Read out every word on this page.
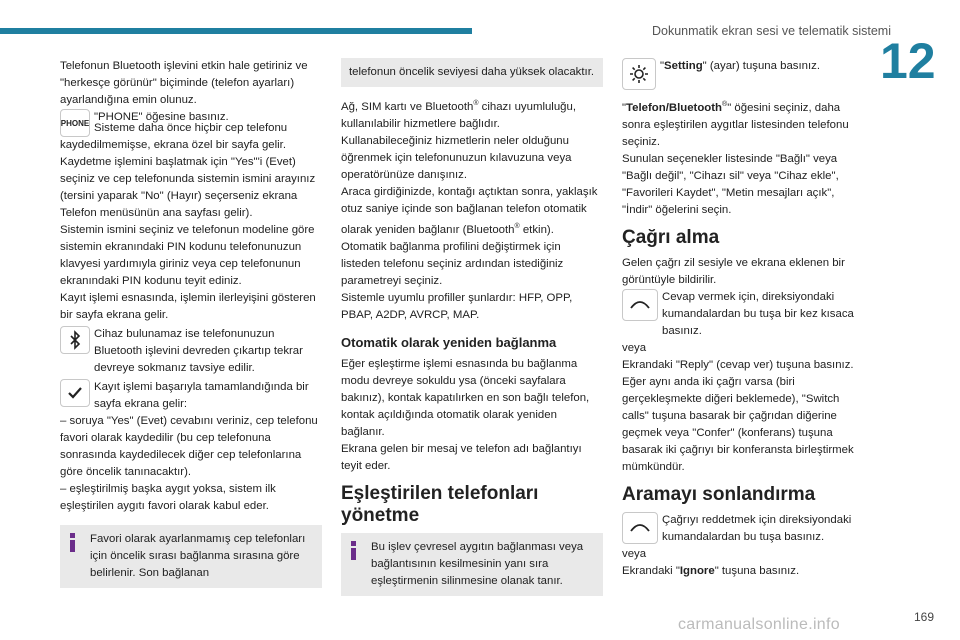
Dokunmatik ekran sesi ve telematik sistemi
12

Telefonun Bluetooth işlevini etkin hale getiriniz ve "herkesçe görünür" biçiminde (telefon ayarları) ayarlandığına emin olunuz.

PHONE "PHONE" öğesine basınız.

Sisteme daha önce hiçbir cep telefonu kaydedilmemişse, ekrana özel bir sayfa gelir.

Kaydetme işlemini başlatmak için "Yes"'i (Evet) seçiniz ve cep telefonunda sistemin ismini arayınız (tersini yaparak "No" (Hayır) seçerseniz ekrana Telefon menüsünün ana sayfası gelir).

Sistemin ismini seçiniz ve telefonun modeline göre sistemin ekranındaki PIN kodunu telefonunuzun klavyesi yardımıyla giriniz veya cep telefonunun ekranındaki PIN kodunu teyit ediniz.

Kayıt işlemi esnasında, işlemin ilerleyişini gösteren bir sayfa ekrana gelir.

Cihaz bulunamaz ise telefonunuzun Bluetooth işlevini devreden çıkartıp tekrar devreye sokmanız tavsiye edilir.

Kayıt işlemi başarıyla tamamlandığında bir sayfa ekrana gelir:

– soruya "Yes" (Evet) cevabını veriniz, cep telefonu favori olarak kaydedilir (bu cep telefonuna sonrasında kaydedilecek diğer cep telefonlarına göre öncelik tanınacaktır).

– eşleştirilmiş başka aygıt yoksa, sistem ilk eşleştirilen aygıtı favori olarak kabul eder.

Favori olarak ayarlanmamış cep telefonları için öncelik sırası bağlanma sırasına göre belirlenir. Son bağlanan

telefonun öncelik seviyesi daha yüksek olacaktır.

Ağ, SIM kartı ve Bluetooth® cihazı uyumluluğu, kullanılabilir hizmetlere bağlıdır.

Kullanabileceğiniz hizmetlerin neler olduğunu öğrenmek için telefonunuzun kılavuzuna veya operatörünüze danışınız.

Araca girdiğinizde, kontağı açtıktan sonra, yaklaşık otuz saniye içinde son bağlanan telefon otomatik olarak yeniden bağlanır (Bluetooth® etkin).

Otomatik bağlanma profilini değiştirmek için listeden telefonu seçiniz ardından istediğiniz parametreyi seçiniz.

Sistemle uyumlu profiller şunlardır: HFP, OPP, PBAP, A2DP, AVRCP, MAP.

Otomatik olarak yeniden bağlanma

Eğer eşleştirme işlemi esnasında bu bağlanma modu devreye sokuldu ysa (önceki sayfalara bakınız), kontak kapatılırken en son bağlı telefon, kontak açıldığında otomatik olarak yeniden bağlanır.

Ekrana gelen bir mesaj ve telefon adı bağlantıyı teyit eder.

Eşleştirilen telefonları yönetme

Bu işlev çevresel aygıtın bağlanması veya bağlantısının kesilmesinin yanı sıra eşleştirmenin silinmesine olanak tanır.

"Setting" (ayar) tuşuna basınız.

"Telefon/Bluetooth®" öğesini seçiniz, daha sonra eşleştirilen aygıtlar listesinden telefonu seçiniz.

Sunulan seçenekler listesinde "Bağlı" veya "Bağlı değil", "Cihazı sil" veya "Cihaz ekle", "Favorileri Kaydet", "Metin mesajları açık", "İndir" öğelerini seçin.

Çağrı alma

Gelen çağrı zil sesiyle ve ekrana eklenen bir görüntüyle bildirilir.

Cevap vermek için, direksiyondaki kumandalardan bu tuşa bir kez kısaca basınız.

veya

Ekrandaki "Reply" (cevap ver) tuşuna basınız.

Eğer aynı anda iki çağrı varsa (biri gerçekleşmekte diğeri beklemede), "Switch calls" tuşuna basarak bir çağrıdan diğerine geçmek veya "Confer" (konferans) tuşuna basarak iki çağrıyı bir konferansta birleştirmek mümkündür.

Aramayı sonlandırma

Çağrıyı reddetmek için direksiyondaki kumandalardan bu tuşa basınız.

veya

Ekrandaki "Ignore" tuşuna basınız.

169
carmanualsonline.info
